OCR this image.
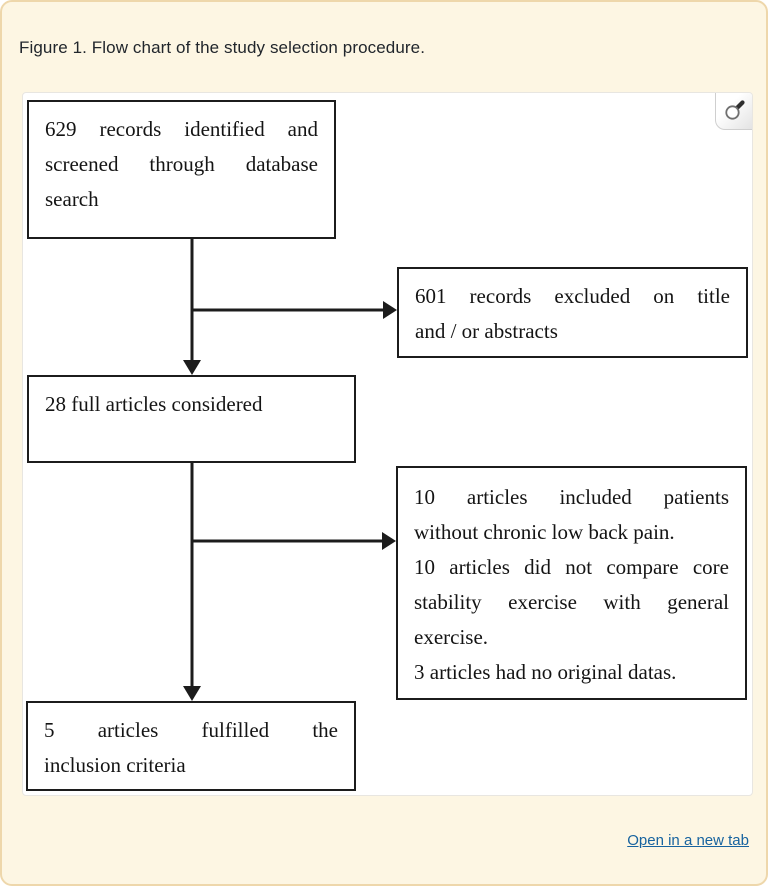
Figure 1. Flow chart of the study selection procedure.
629 records identified and
screened through database
search
601 records excluded on title
and / or abstracts
28 full articles considered
10 articles included patients
without chronic low back pain.
10 articles did not compare core
stability exercise with general
exercise.
3 articles had no original datas.
5 articles fulfilled the
inclusion criteria
Open in a new tab
